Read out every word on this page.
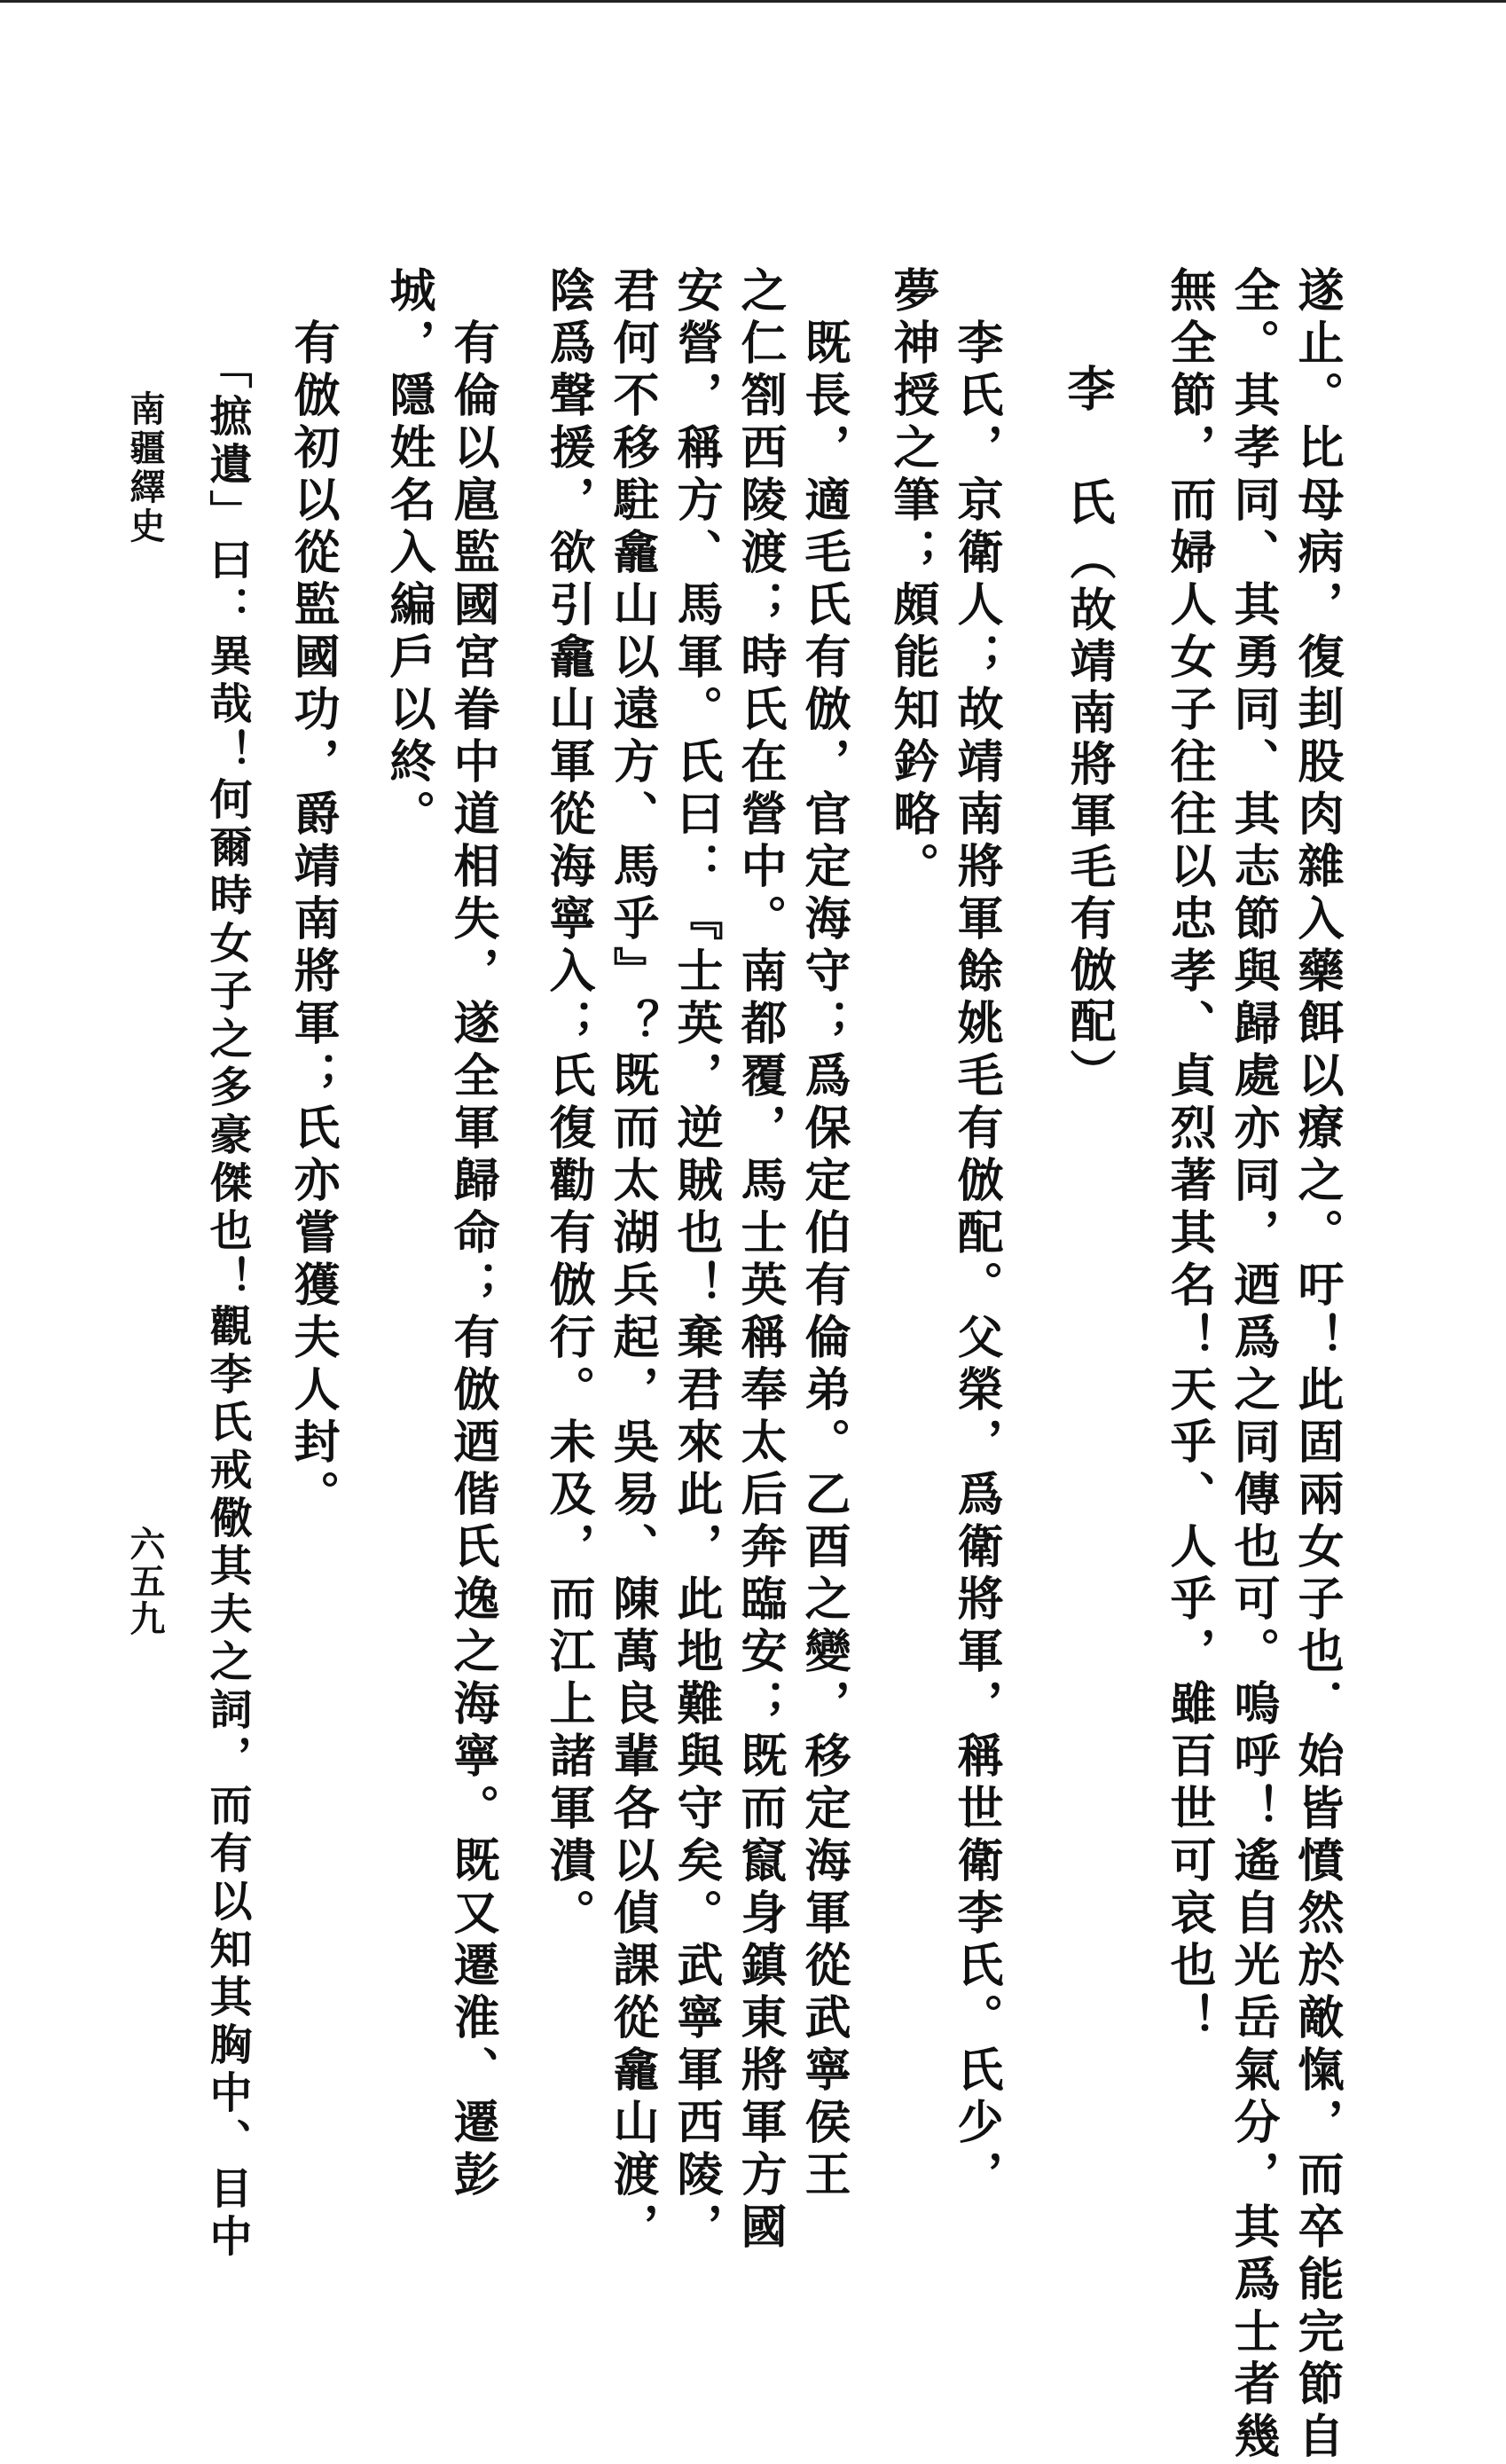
遂止。比母病，復刲股肉雜入藥餌以療之。吁！此固兩女子也．始皆憤然於敵愾，而卒能完節自
全。其孝同、其勇同、其志節與歸處亦同，迺爲之同傳也可。嗚呼！遙自光岳氣分，其爲士者幾
無全節，而婦人女子往往以忠孝、貞烈著其名！天乎、人乎，雖百世可哀也！
李　氏（故靖南將軍毛有倣配）
　李氏，京衛人；故靖南將軍餘姚毛有倣配。父榮，爲衛將軍，稱世衛李氏。氏少，
夢神授之筆；頗能知鈐略。
　既長，適毛氏有倣，官定海守；爲保定伯有倫弟。乙酉之變，移定海軍從武寧侯王
之仁劄西陵渡；時氏在營中。南都覆，馬士英稱奉太后奔臨安；既而竄身鎮東將軍方國
安營，稱方、馬軍。氏曰：『士英，逆賊也！棄君來此，此地難與守矣。武寧軍西陵，
君何不移駐龕山以遠方、馬乎』？既而太湖兵起，吳易、陳萬良輩各以偵課從龕山渡，
陰爲聲援，欲引龕山軍從海寧入；氏復勸有倣行。未及，而江上諸軍潰。
　有倫以扈監國宮眷中道相失，遂全軍歸命；有倣迺偕氏逸之海寧。既又遷淮、遷彭
城，隱姓名入編戶以終。
　有倣初以從監國功，爵靖南將軍；氏亦嘗獲夫人封。
　「摭遺」曰：異哉！何爾時女子之多豪傑也！觀李氏戒儆其夫之詞，而有以知其胸中、目中
南疆繹史
六五九
